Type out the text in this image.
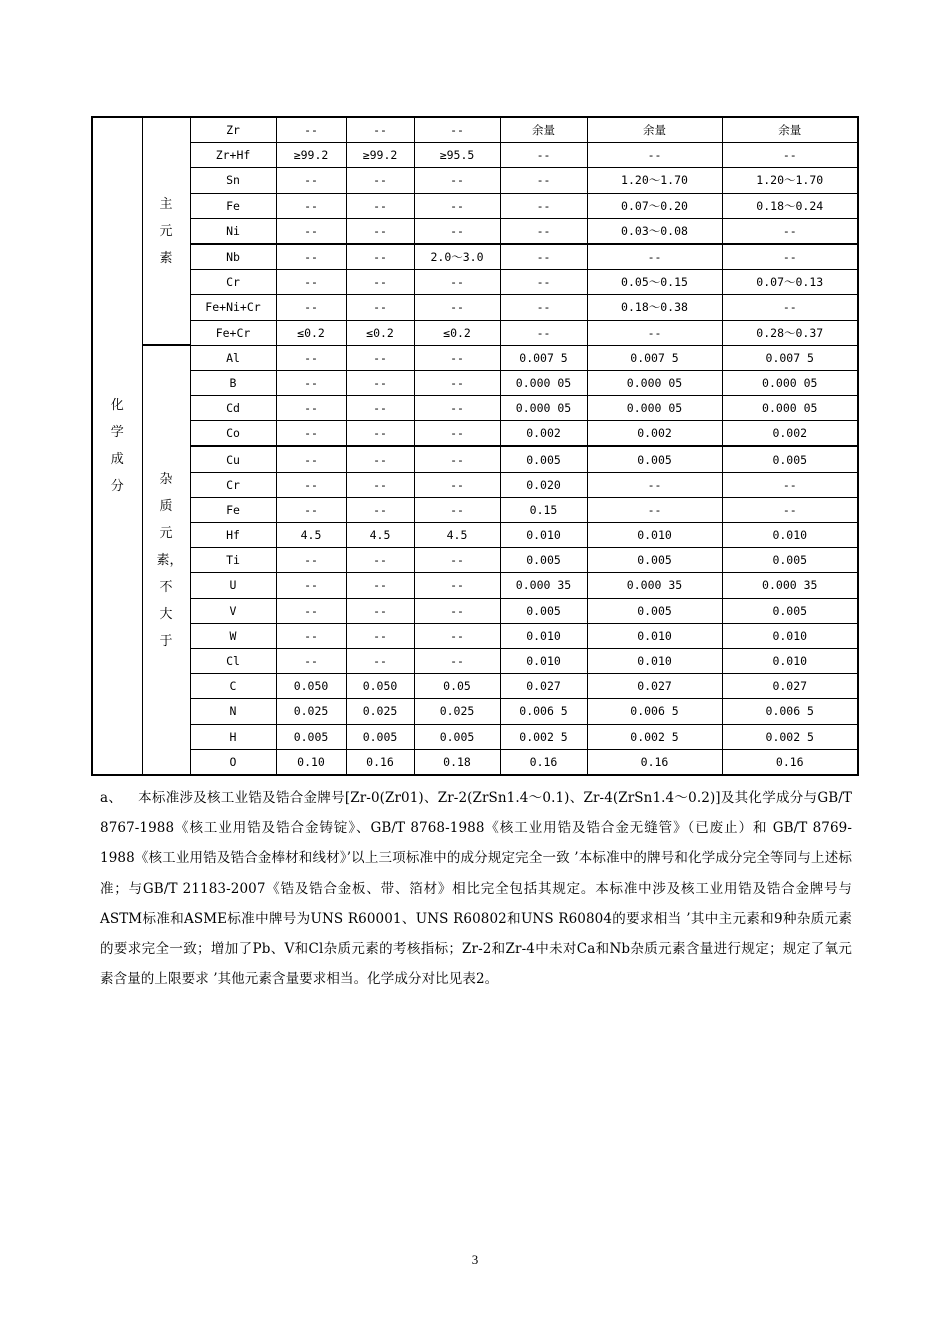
化学成分	主元素	Zr	--	--	--	余量	余量	余量
		Zr+Hf	≥99.2	≥99.2	≥95.5	--	--	--
		Sn	--	--	--	--	1.20～1.70	1.20～1.70
		Fe	--	--	--	--	0.07～0.20	0.18～0.24
		Ni	--	--	--	--	0.03～0.08	--
		Nb	--	--	2.0～3.0	--	--	--
		Cr	--	--	--	--	0.05～0.15	0.07～0.13
		Fe+Ni+Cr	--	--	--	--	0.18～0.38	--
		Fe+Cr	≤0.2	≤0.2	≤0.2	--	--	0.28～0.37
	杂质元素，不大于	Al	--	--	--	0.007 5	0.007 5	0.007 5
		B	--	--	--	0.000 05	0.000 05	0.000 05
		Cd	--	--	--	0.000 05	0.000 05	0.000 05
		Co	--	--	--	0.002	0.002	0.002
		Cu	--	--	--	0.005	0.005	0.005
		Cr	--	--	--	0.020	--	--
		Fe	--	--	--	0.15	--	--
		Hf	4.5	4.5	4.5	0.010	0.010	0.010
		Ti	--	--	--	0.005	0.005	0.005
		U	--	--	--	0.000 35	0.000 35	0.000 35
		V	--	--	--	0.005	0.005	0.005
		W	--	--	--	0.010	0.010	0.010
		Cl	--	--	--	0.010	0.010	0.010
		C	0.050	0.050	0.05	0.027	0.027	0.027
		N	0.025	0.025	0.025	0.006 5	0.006 5	0.006 5
		H	0.005	0.005	0.005	0.002 5	0.002 5	0.002 5
		O	0.10	0.16	0.18	0.16	0.16	0.16

a、 本标准涉及核工业锆及锆合金牌号[Zr-0(Zr01)、Zr-2(ZrSn1.4～0.1)、Zr-4(ZrSn1.4～0.2)]及其化学成分与GB/T 8767-1988《核工业用锆及锆合金铸锭》、GB/T 8768-1988《核工业用锆及锆合金无缝管》（已废止）和 GB/T 8769-1988《核工业用锆及锆合金棒材和线材》’以上三项标准中的成分规定完全一致 ’本标准中的牌号和化学成分完全等同与上述标准；与GB/T 21183-2007《锆及锆合金板、带、箔材》相比完全包括其规定。本标准中涉及核工业用锆及锆合金牌号与ASTM标准和ASME标准中牌号为UNS R60001、UNS R60802和UNS R60804的要求相当 ’其中主元素和9种杂质元素的要求完全一致；增加了Pb、V和Cl杂质元素的考核指标；Zr-2和Zr-4中未对Ca和Nb杂质元素含量进行规定；规定了氧元素含量的上限要求 ’其他元素含量要求相当。化学成分对比见表2。

3
